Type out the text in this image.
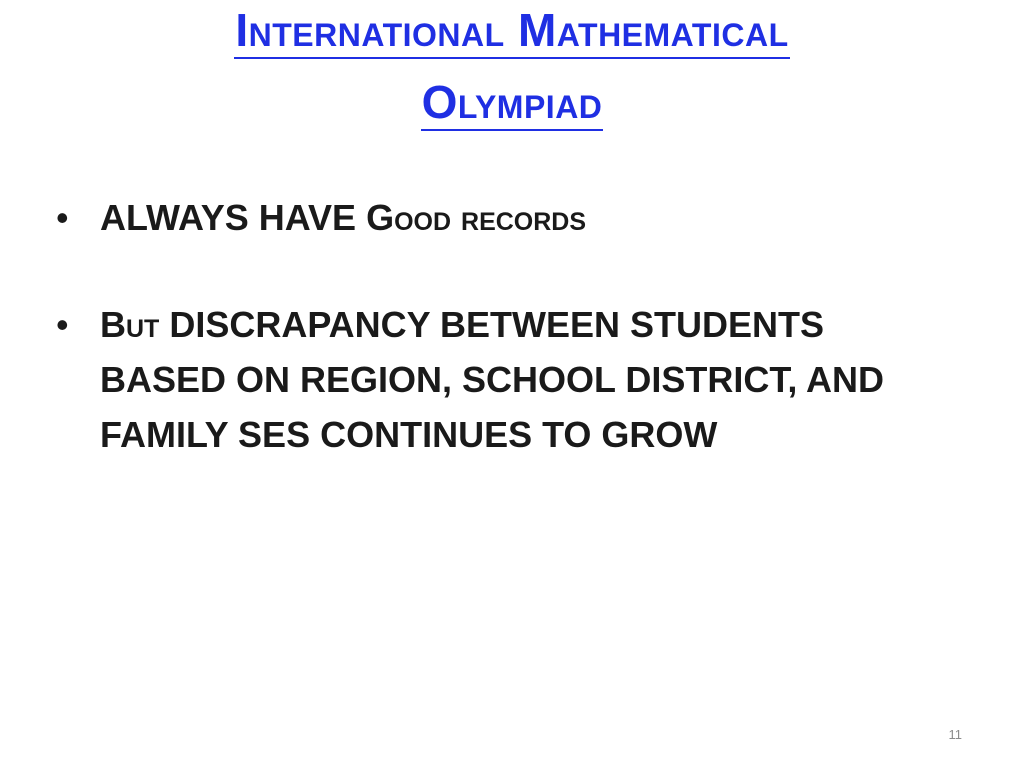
International Mathematical
Olympiad
• ALWAYS HAVE Good records
• But DISCRAPANCY BETWEEN STUDENTS BASED ON REGION, SCHOOL DISTRICT, AND FAMILY SES CONTINUES TO GROW
11
